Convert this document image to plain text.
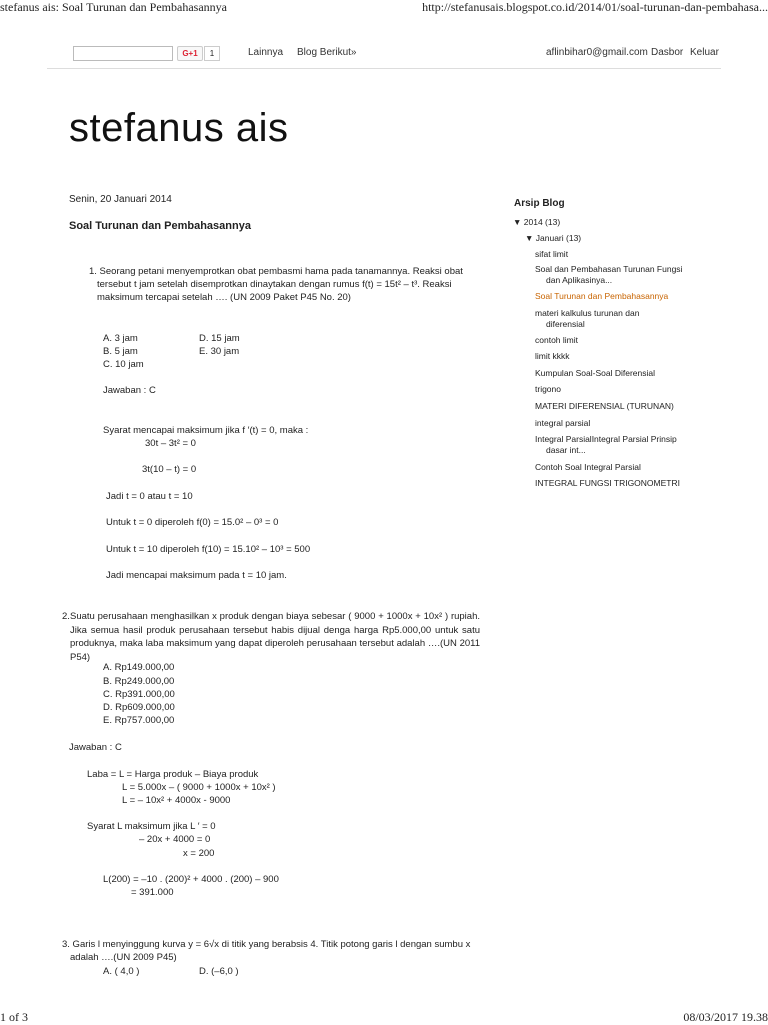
stefanus ais: Soal Turunan dan Pembahasannya	http://stefanusais.blogspot.co.id/2014/01/soal-turunan-dan-pembahasa...
G+1	1	Lainnya Blog Berikut»	aflinbihar0@gmail.com Dasbor Keluar
stefanus ais
Senin, 20 Januari 2014
Soal Turunan dan Pembahasannya
1. Seorang petani menyemprotkan obat pembasmi hama pada tanamannya. Reaksi obat
tersebut t jam setelah disemprotkan dinaytakan dengan rumus f(t) = 15t² – t³. Reaksi
maksimum tercapai setelah …. (UN 2009 Paket P45 No. 20)
A. 3 jam
B. 5 jam
C. 10 jam
D. 15 jam
E. 30 jam
Jawaban : C
Syarat mencapai maksimum jika f ′(t) = 0, maka :
30t – 3t² = 0
3t(10 – t) = 0
Jadi t = 0 atau t = 10
Untuk t = 0 diperoleh f(0) = 15.0² – 0³ = 0
Untuk t = 10 diperoleh f(10) = 15.10² – 10³ = 500
Jadi mencapai maksimum pada t = 10 jam.
2. Suatu perusahaan menghasilkan x produk dengan biaya sebesar ( 9000 + 1000x + 10x² ) rupiah. Jika semua hasil produk perusahaan tersebut habis dijual denga harga Rp5.000,00 untuk satu produknya, maka laba maksimum yang dapat diperoleh perusahaan tersebut adalah ….(UN 2011 P54)
A. Rp149.000,00
B. Rp249.000,00
C. Rp391.000,00
D. Rp609.000,00
E. Rp757.000,00
Jawaban : C
Laba = L = Harga produk – Biaya produk
L = 5.000x – ( 9000 + 1000x + 10x² )
L = – 10x² + 4000x - 9000
Syarat L maksimum jika L ′ = 0
– 20x + 4000 = 0
x = 200
L(200) = –10 . (200)² + 4000 . (200) – 900
= 391.000
3. Garis l menyinggung kurva y = 6√x di titik yang berabsis 4. Titik potong garis l dengan sumbu x
adalah ….(UN 2009 P45)
A. ( 4,0 )	D. (–6,0 )
Arsip Blog
▼ 2014 (13)
▼ Januari (13)
sifat limit
Soal dan Pembahasan Turunan Fungsi
dan Aplikasinya...
Soal Turunan dan Pembahasannya
materi kalkulus turunan dan
diferensial
contoh limit
limit kkkk
Kumpulan Soal-Soal Diferensial
trigono
MATERI DIFERENSIAL (TURUNAN)
integral parsial
Integral ParsialIntegral Parsial Prinsip
dasar int...
Contoh Soal Integral Parsial
INTEGRAL FUNGSI TRIGONOMETRI
1 of 3	08/03/2017 19.38
